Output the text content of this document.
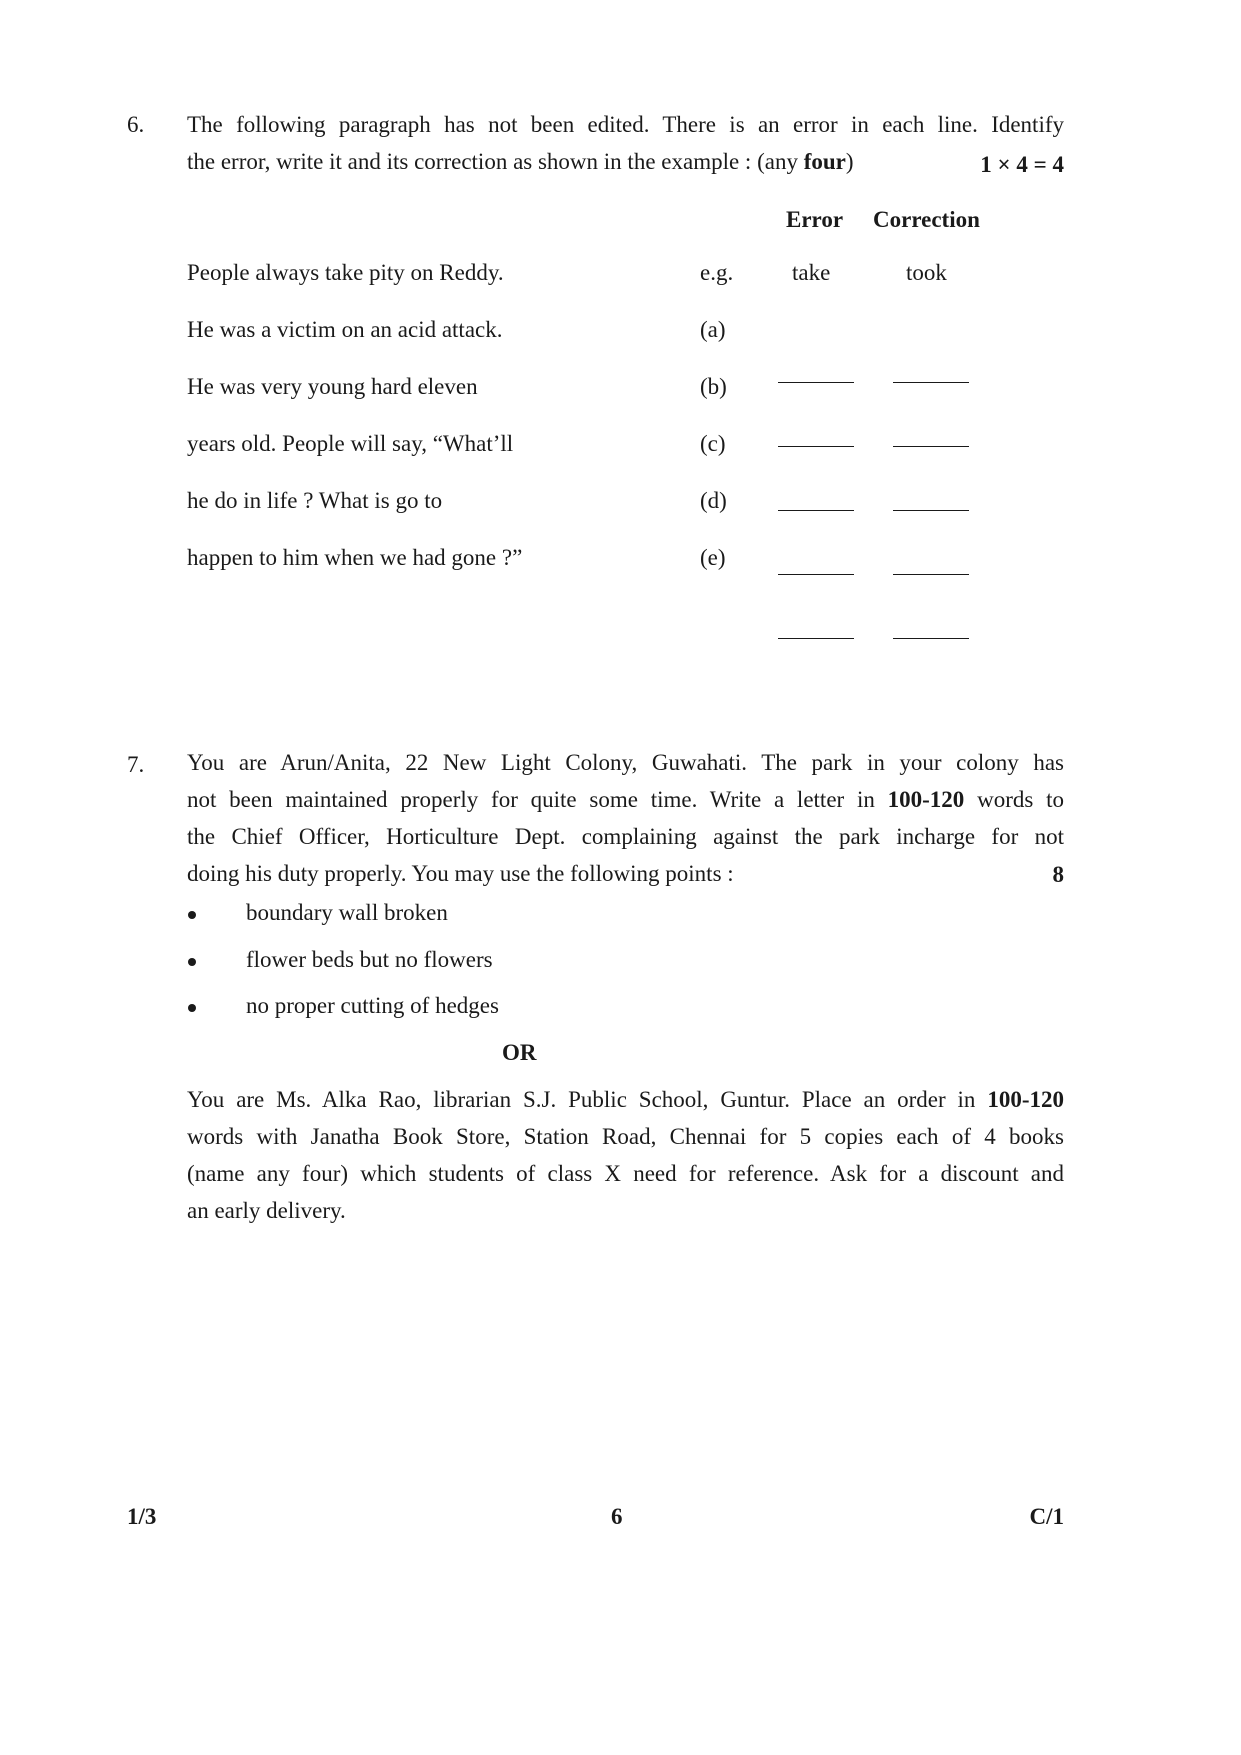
6. The following paragraph has not been edited. There is an error in each line. Identify
the error, write it and its correction as shown in the example : (any four)	1 × 4 = 4
Error Correction
People always take pity on Reddy.	e.g.	take	took
He was a victim on an acid attack.	(a)
He was very young hard eleven	(b)
years old. People will say, “What’ll	(c)
he do in life ? What is go to	(d)
happen to him when we had gone ?”	(e)
7. You are Arun/Anita, 22 New Light Colony, Guwahati. The park in your colony has
not been maintained properly for quite some time. Write a letter in 100-120 words to
the Chief Officer, Horticulture Dept. complaining against the park incharge for not
doing his duty properly. You may use the following points :	8
boundary wall broken
flower beds but no flowers
no proper cutting of hedges
OR
You are Ms. Alka Rao, librarian S.J. Public School, Guntur. Place an order in 100-120
words with Janatha Book Store, Station Road, Chennai for 5 copies each of 4 books
(name any four) which students of class X need for reference. Ask for a discount and
an early delivery.
1/3	6	C/1
